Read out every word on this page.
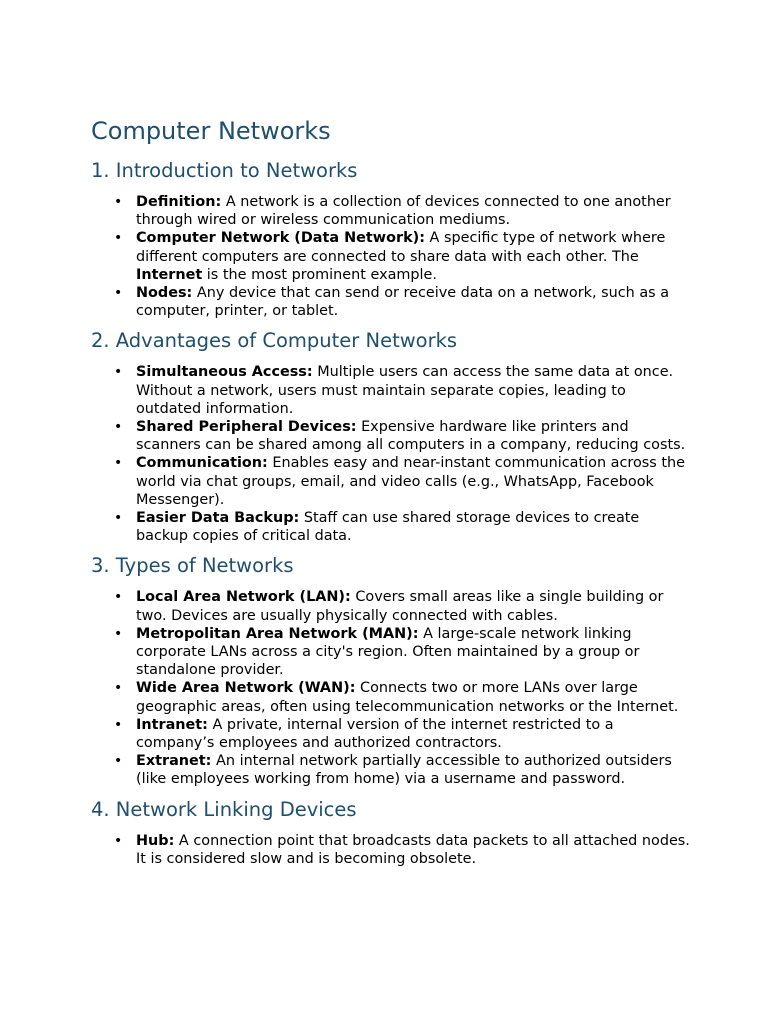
Computer Networks
1. Introduction to Networks
• Definition: A network is a collection of devices connected to one another through wired or wireless communication mediums.
• Computer Network (Data Network): A specific type of network where different computers are connected to share data with each other. The Internet is the most prominent example.
• Nodes: Any device that can send or receive data on a network, such as a computer, printer, or tablet.
2. Advantages of Computer Networks
• Simultaneous Access: Multiple users can access the same data at once. Without a network, users must maintain separate copies, leading to outdated information.
• Shared Peripheral Devices: Expensive hardware like printers and scanners can be shared among all computers in a company, reducing costs.
• Communication: Enables easy and near-instant communication across the world via chat groups, email, and video calls (e.g., WhatsApp, Facebook Messenger).
• Easier Data Backup: Staff can use shared storage devices to create backup copies of critical data.
3. Types of Networks
• Local Area Network (LAN): Covers small areas like a single building or two. Devices are usually physically connected with cables.
• Metropolitan Area Network (MAN): A large-scale network linking corporate LANs across a city's region. Often maintained by a group or standalone provider.
• Wide Area Network (WAN): Connects two or more LANs over large geographic areas, often using telecommunication networks or the Internet.
• Intranet: A private, internal version of the internet restricted to a company’s employees and authorized contractors.
• Extranet: An internal network partially accessible to authorized outsiders (like employees working from home) via a username and password.
4. Network Linking Devices
• Hub: A connection point that broadcasts data packets to all attached nodes. It is considered slow and is becoming obsolete.
